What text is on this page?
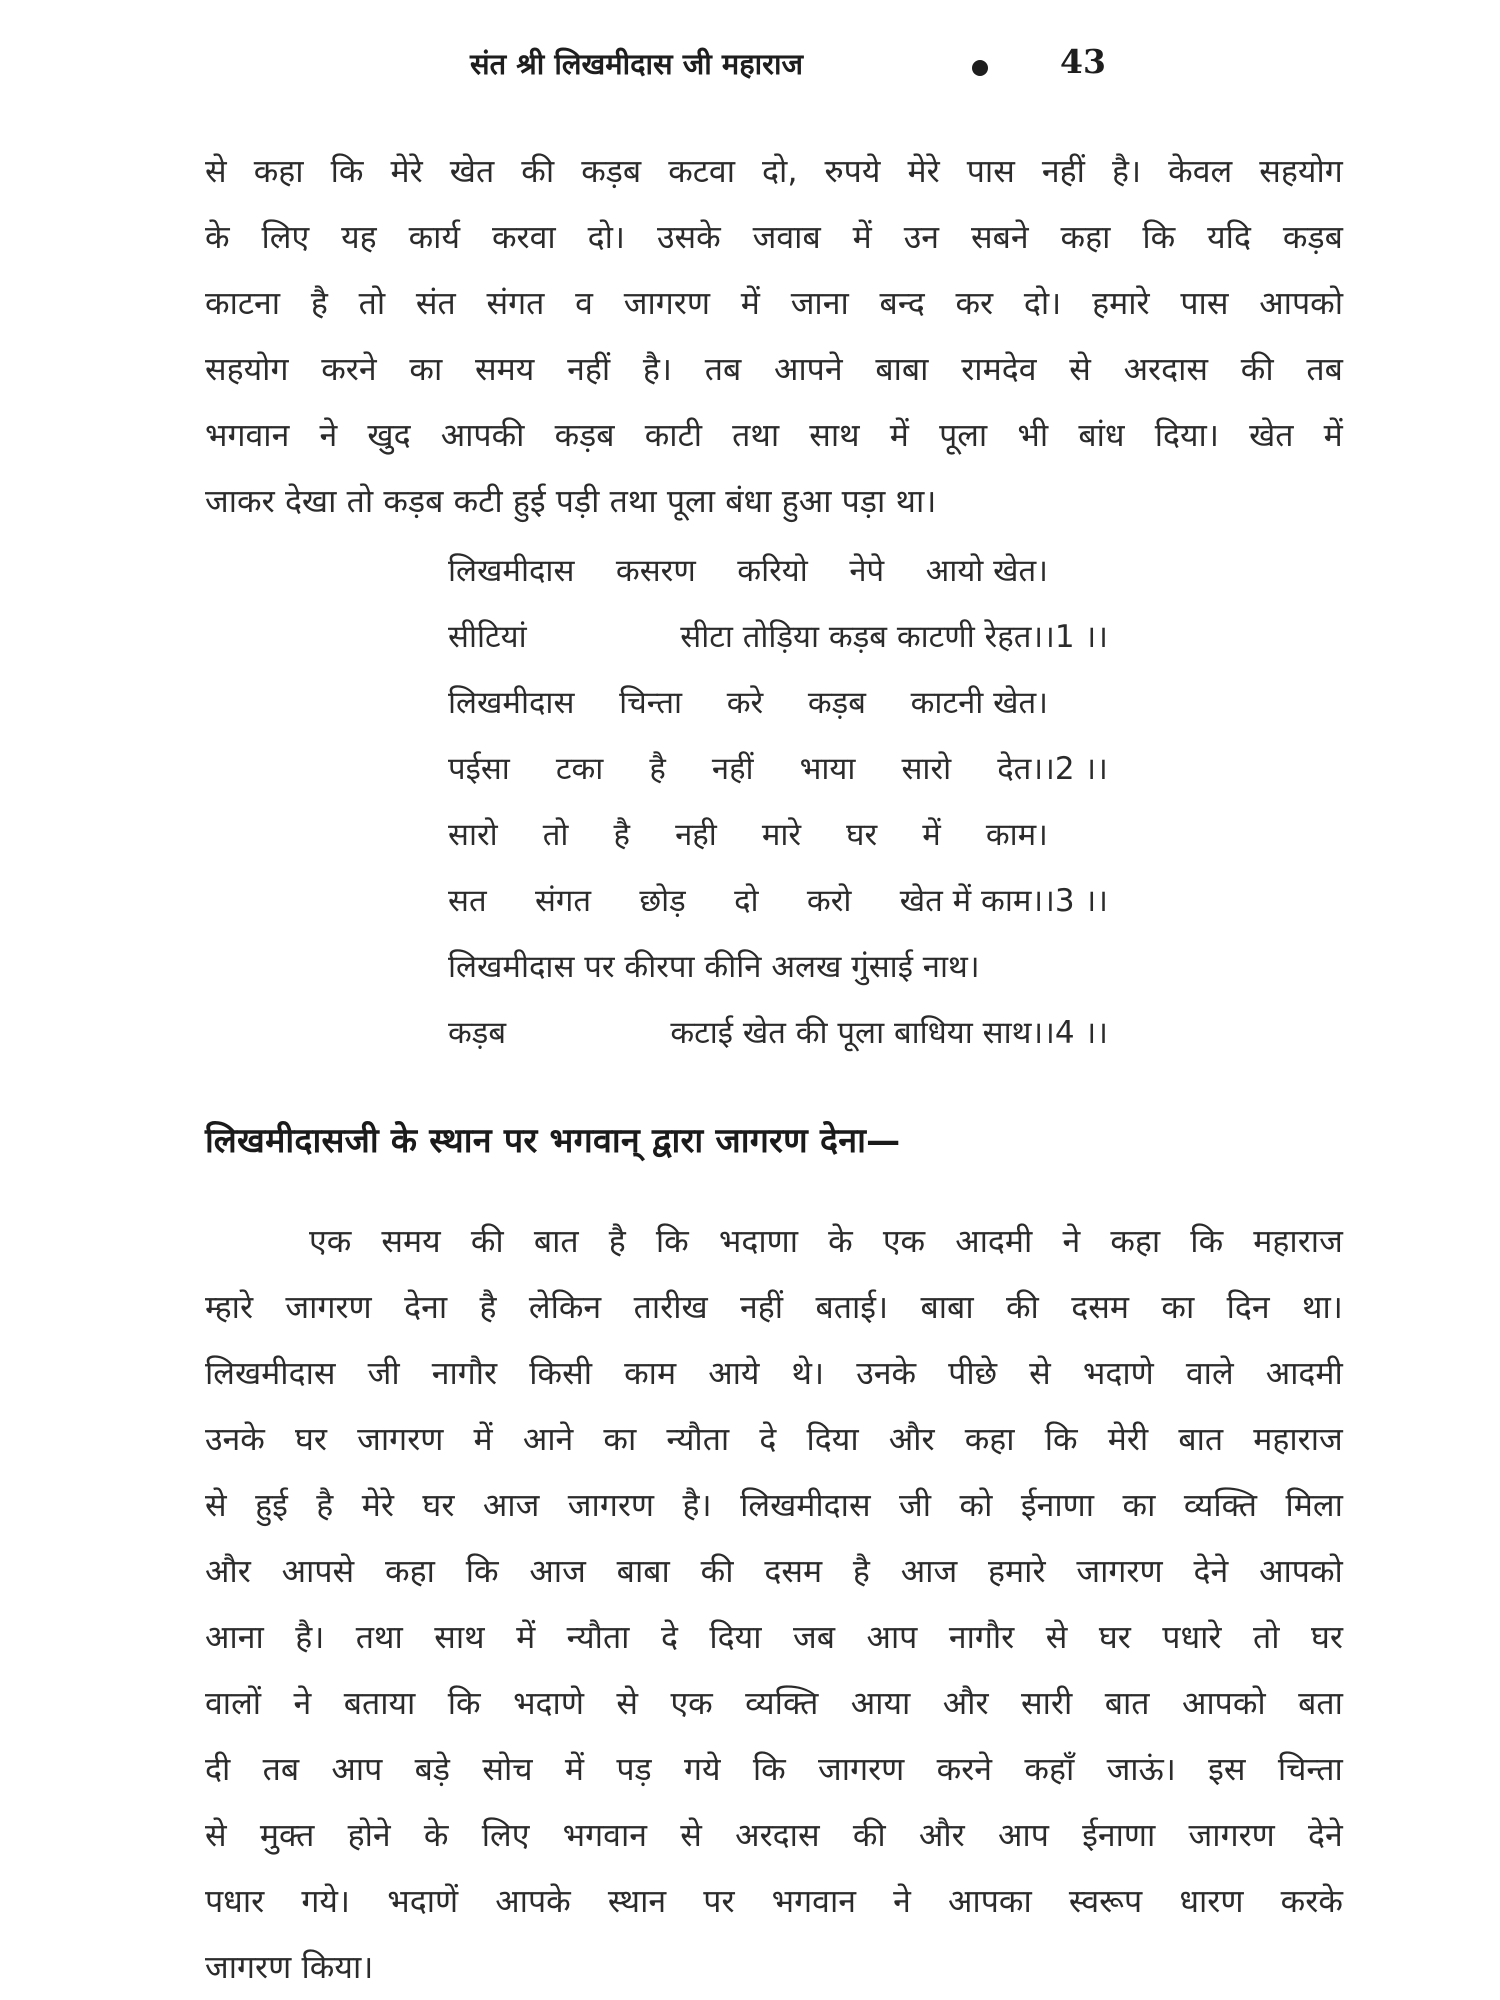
संत श्री लिखमीदास जी महाराज	43
से कहा कि मेरे खेत की कड़ब कटवा दो, रुपये मेरे पास नहीं है। केवल सहयोग
के लिए यह कार्य करवा दो। उसके जवाब में उन सबने कहा कि यदि कड़ब
काटना है तो संत संगत व जागरण में जाना बन्द कर दो। हमारे पास आपको
सहयोग करने का समय नहीं है। तब आपने बाबा रामदेव से अरदास की तब
भगवान ने खुद आपकी कड़ब काटी तथा साथ में पूला भी बांध दिया। खेत में
जाकर देखा तो कड़ब कटी हुई पड़ी तथा पूला बंधा हुआ पड़ा था।
लिखमीदास कसरण करियो नेपे आयो खेत।
सीटियां	सीटा तोड़िया कड़ब काटणी रेहत।।1 ।।
लिखमीदास चिन्ता करे कड़ब काटनी खेत।
पईसा टका है नहीं भाया सारो देत।।2 ।।
सारो तो है नही मारे घर में काम।
सत संगत छोड़ दो करो खेत में काम।।3 ।।
लिखमीदास पर कीरपा कीनि अलख गुंसाई नाथ।
कड़ब	कटाई खेत की पूला बाधिया साथ।।4 ।।
लिखमीदासजी के स्थान पर भगवान् द्वारा जागरण देना—
एक समय की बात है कि भदाणा के एक आदमी ने कहा कि महाराज
म्हारे जागरण देना है लेकिन तारीख नहीं बताई। बाबा की दसम का दिन था।
लिखमीदास जी नागौर किसी काम आये थे। उनके पीछे से भदाणे वाले आदमी
उनके घर जागरण में आने का न्यौता दे दिया और कहा कि मेरी बात महाराज
से हुई है मेरे घर आज जागरण है। लिखमीदास जी को ईनाणा का व्यक्ति मिला
और आपसे कहा कि आज बाबा की दसम है आज हमारे जागरण देने आपको
आना है। तथा साथ में न्यौता दे दिया जब आप नागौर से घर पधारे तो घर
वालों ने बताया कि भदाणे से एक व्यक्ति आया और सारी बात आपको बता
दी तब आप बड़े सोच में पड़ गये कि जागरण करने कहाँ जाऊं। इस चिन्ता
से मुक्त होने के लिए भगवान से अरदास की और आप ईनाणा जागरण देने
पधार गये। भदाणें आपके स्थान पर भगवान ने आपका स्वरूप धारण करके
जागरण किया।
